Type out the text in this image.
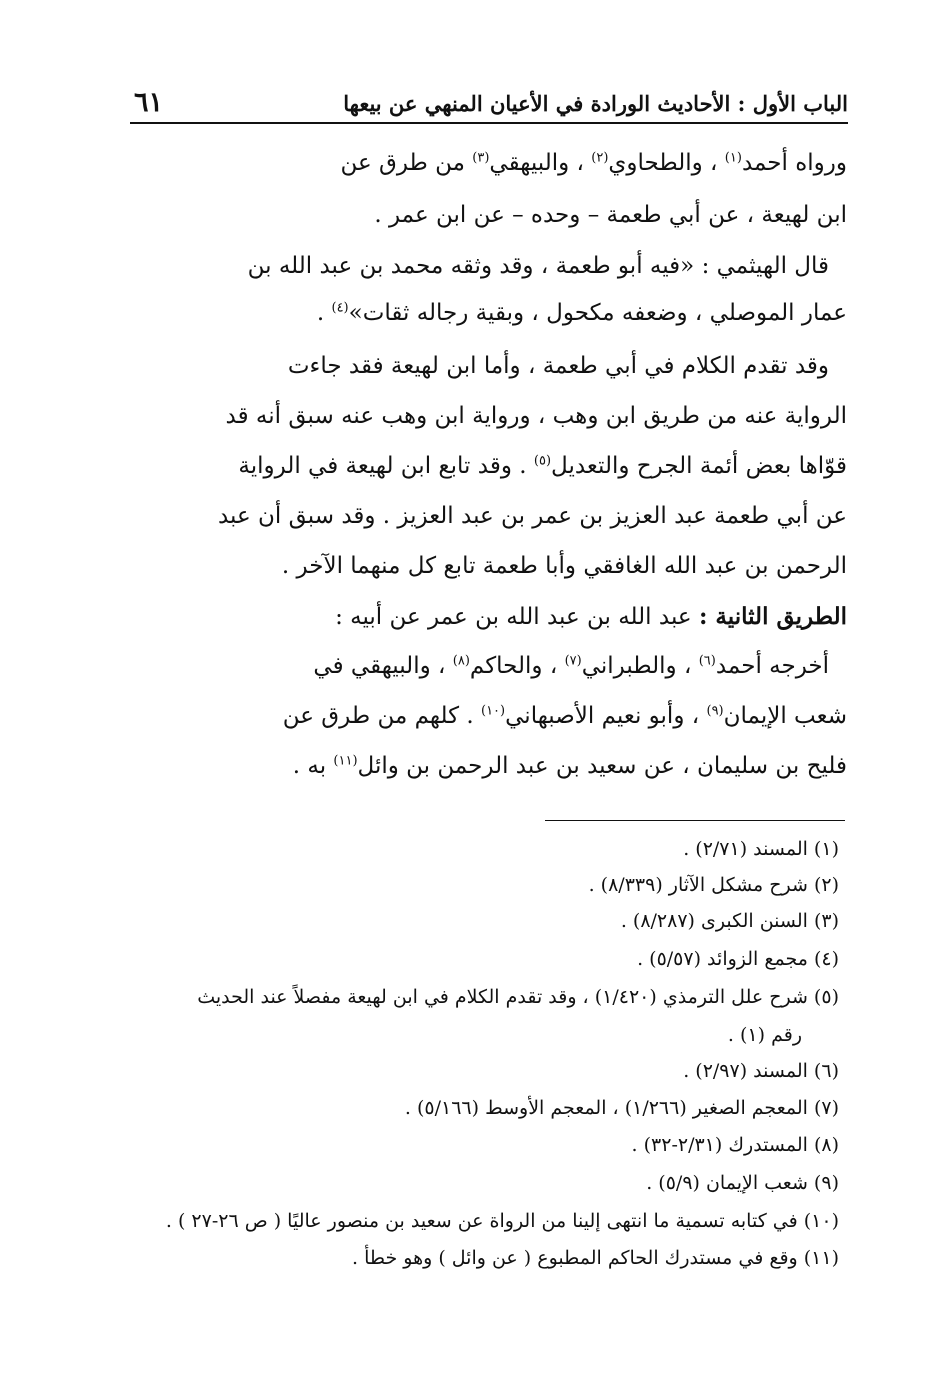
الباب الأول : الأحاديث الورادة في الأعيان المنهي عن بيعها
٦١
ورواه أحمد$^{(١)}$ ، والطحاوي$^{(٢)}$ ، والبيهقي$^{(٣)}$ من طرق عن
ابن لهيعة ، عن أبي طعمة – وحده – عن ابن عمر .
قال الهيثمي : «فيه أبو طعمة ، وقد وثقه محمد بن عبد الله بن
عمار الموصلي ، وضعفه مكحول ، وبقية رجاله ثقات»$^{(٤)}$ .
وقد تقدم الكلام في أبي طعمة ، وأما ابن لهيعة فقد جاءت
الرواية عنه من طريق ابن وهب ، ورواية ابن وهب عنه سبق أنه قد
قوّاها بعض أئمة الجرح والتعديل$^{(٥)}$ . وقد تابع ابن لهيعة في الرواية
عن أبي طعمة عبد العزيز بن عمر بن عبد العزيز . وقد سبق أن عبد
الرحمن بن عبد الله الغافقي وأبا طعمة تابع كل منهما الآخر .
الطريق الثانية : عبد الله بن عبد الله بن عمر عن أبيه :
أخرجه أحمد$^{(٦)}$ ، والطبراني$^{(٧)}$ ، والحاكم$^{(٨)}$ ، والبيهقي في
شعب الإيمان$^{(٩)}$ ، وأبو نعيم الأصبهاني$^{(١٠)}$ . كلهم من طرق عن
فليح بن سليمان ، عن سعيد بن عبد الرحمن بن وائل$^{(١١)}$ به .
(١) المسند (٢/٧١) .
(٢) شرح مشكل الآثار (٨/٣٣٩) .
(٣) السنن الكبرى (٨/٢٨٧) .
(٤) مجمع الزوائد (٥/٥٧) .
(٥) شرح علل الترمذي (١/٤٢٠) ، وقد تقدم الكلام في ابن لهيعة مفصلاً عند الحديث
رقم (١) .
(٦) المسند (٢/٩٧) .
(٧) المعجم الصغير (١/٢٦٦) ، المعجم الأوسط (٥/١٦٦) .
(٨) المستدرك (٢/٣١-٣٢) .
(٩) شعب الإيمان (٥/٩) .
(١٠) في كتابه تسمية ما انتهى إلينا من الرواة عن سعيد بن منصور عاليًا ( ص ٢٦-٢٧ ) .
(١١) وقع في مستدرك الحاكم المطبوع ( عن وائل ) وهو خطأ .
